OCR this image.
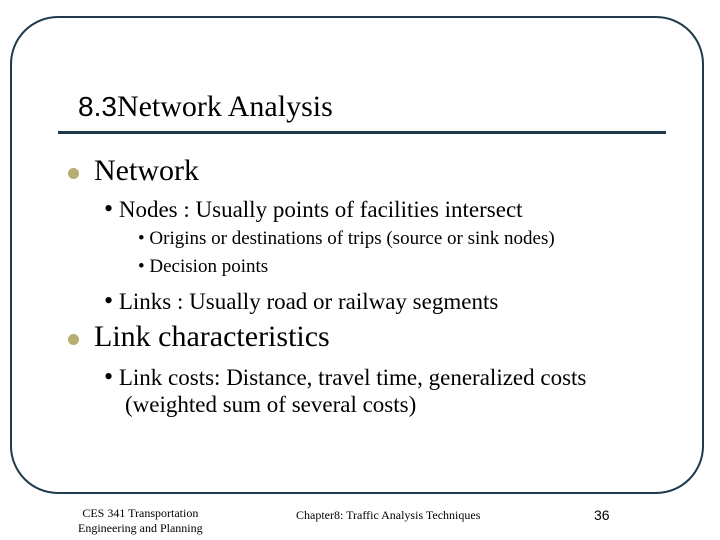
8.3Network Analysis
Network
• Nodes : Usually points of facilities intersect
• Origins or destinations of trips (source or sink nodes)
• Decision points
• Links : Usually road or railway segments
Link characteristics
• Link costs: Distance, travel time, generalized costs
(weighted sum of several costs)
CES 341 Transportation
Engineering and Planning
Chapter8: Traffic Analysis Techniques	36
